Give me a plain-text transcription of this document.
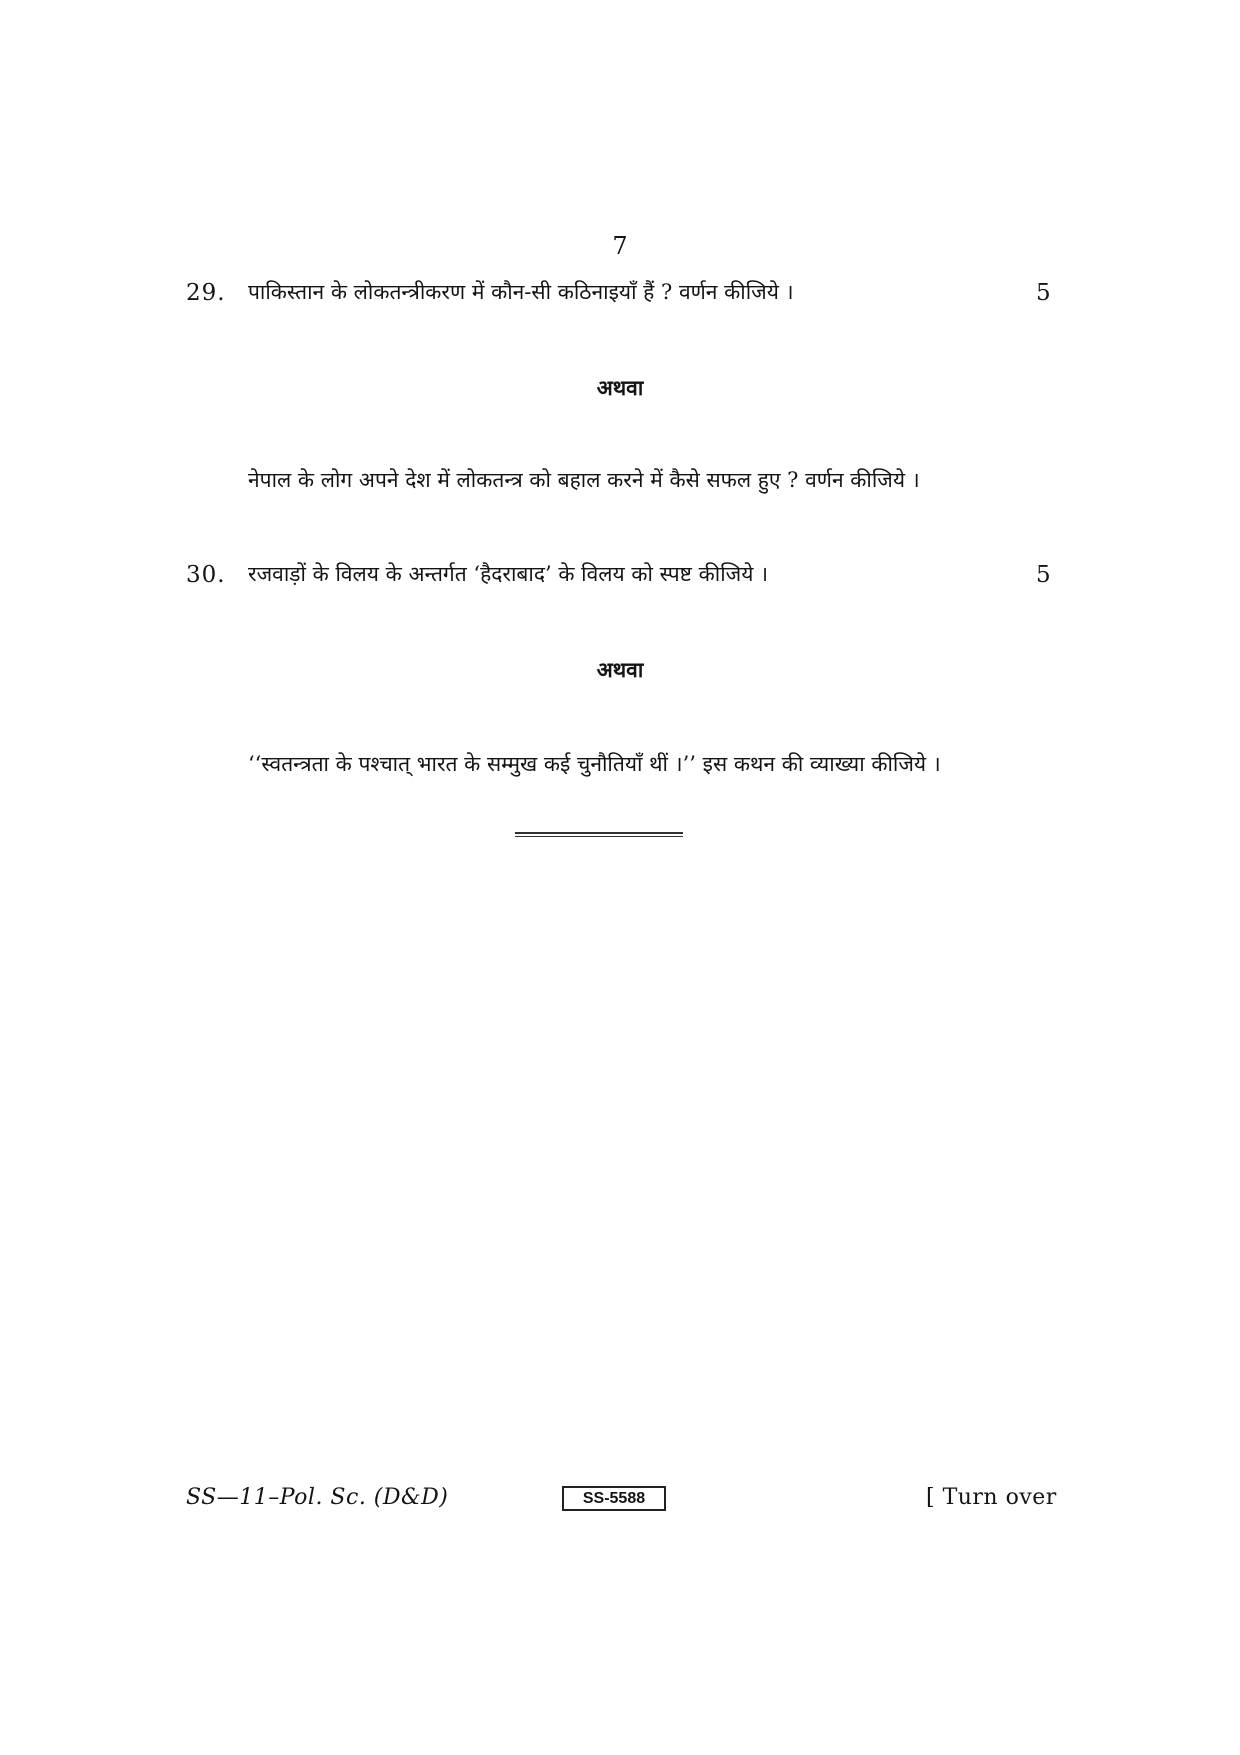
7
29. पाकिस्तान के लोकतन्त्रीकरण में कौन-सी कठिनाइयाँ हैं ? वर्णन कीजिये ।	5
अथवा
नेपाल के लोग अपने देश में लोकतन्त्र को बहाल करने में कैसे सफल हुए ? वर्णन कीजिये ।
30. रजवाड़ों के विलय के अन्तर्गत ‘हैदराबाद’ के विलय को स्पष्ट कीजिये ।	5
अथवा
‘‘स्वतन्त्रता के पश्चात् भारत के सम्मुख कई चुनौतियाँ थीं ।’’ इस कथन की व्याख्या कीजिये ।
SS—11–Pol. Sc. (D&D)	SS-5588	[ Turn over
